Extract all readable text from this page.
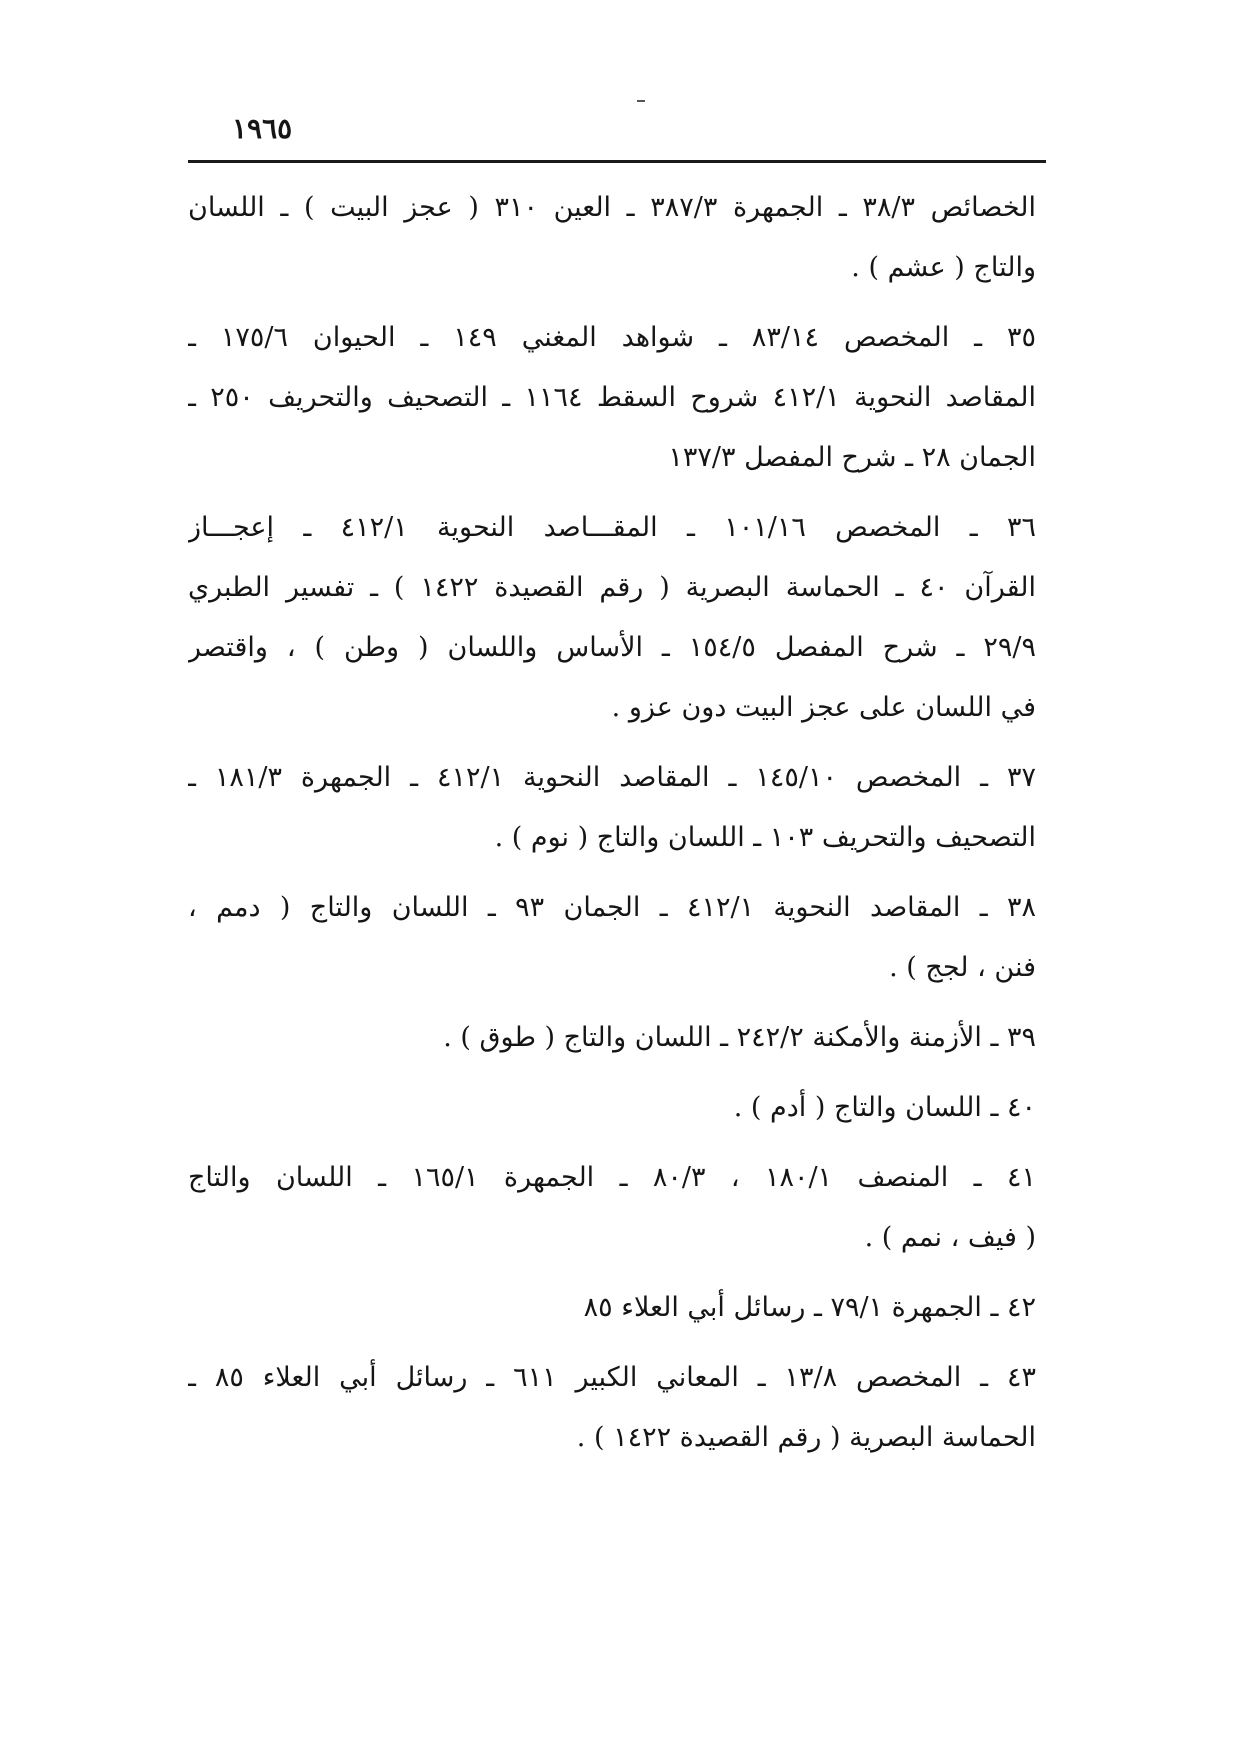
١٩٦٥
الخصائص ٣٨/٣ ـ الجمهرة ٣٨٧/٣ ـ العين ٣١٠ ( عجز البيت ) ـ اللسان
والتاج ( عشم ) .
٣٥ ـ المخصص ٨٣/١٤ ـ شواهد المغني ١٤٩ ـ الحيوان ١٧٥/٦ ـ
المقاصد النحوية ٤١٢/١ شروح السقط ١١٦٤ ـ التصحيف والتحريف ٢٥٠ ـ
الجمان ٢٨ ـ شرح المفصل ١٣٧/٣
٣٦ ـ المخصص ١٠١/١٦ ـ المقـــاصد النحوية ٤١٢/١ ـ إعجـــاز
القرآن ٤٠ ـ الحماسة البصرية ( رقم القصيدة ١٤٢٢ ) ـ تفسير الطبري
٢٩/٩ ـ شرح المفصل ١٥٤/٥ ـ الأساس واللسان ( وطن ) ، واقتصر
في اللسان على عجز البيت دون عزو .
٣٧ ـ المخصص ١٤٥/١٠ ـ المقاصد النحوية ٤١٢/١ ـ الجمهرة ١٨١/٣ ـ
التصحيف والتحريف ١٠٣ ـ اللسان والتاج ( نوم ) .
٣٨ ـ المقاصد النحوية ٤١٢/١ ـ الجمان ٩٣ ـ اللسان والتاج ( دمم ،
فنن ، لجج ) .
٣٩ ـ الأزمنة والأمكنة ٢٤٢/٢ ـ اللسان والتاج ( طوق ) .
٤٠ ـ اللسان والتاج ( أدم ) .
٤١ ـ المنصف ١٨٠/١ ، ٨٠/٣ ـ الجمهرة ١٦٥/١ ـ اللسان والتاج
( فيف ، نمم ) .
٤٢ ـ الجمهرة ٧٩/١ ـ رسائل أبي العلاء ٨٥
٤٣ ـ المخصص ١٣/٨ ـ المعاني الكبير ٦١١ ـ رسائل أبي العلاء ٨٥ ـ
الحماسة البصرية ( رقم القصيدة ١٤٢٢ ) .
